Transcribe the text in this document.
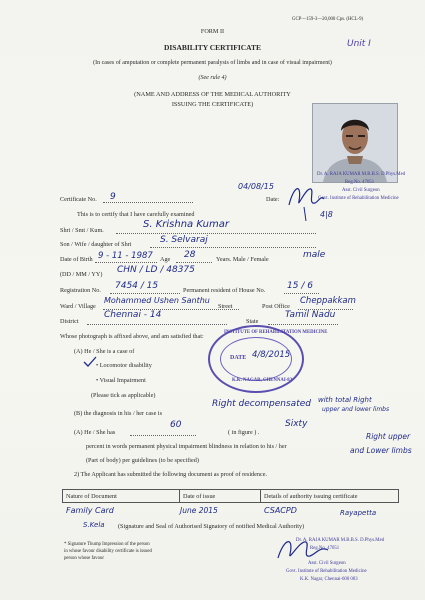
GCP—159-3—20,000 Cps. (HCL-9)
FORM II
DISABILITY CERTIFICATE	Unit I
(In cases of amputation or complete permanent paralysis of limbs and in case of visual impairment)
(See rule 4)
(NAME AND ADDRESS OF THE MEDICAL AUTHORITY
ISSUING THE CERTIFICATE)
Dr. A. RAJA KUMAR M.B.B.S. D.Phys.Med
Reg.No. 47051
Asst. Civil Surgeon
Govt. Institute of Rehabilitation Medicine
4|8
Certificate No. 9
04/08/15
Date:
This is to certify that I have carefully examined
Shri / Smt / Kum.
S. Krishna Kumar
Son / Wife / daughter of Shri	S. Selvaraj
Date of Birth 9 - 11 - 1987 Age 28	Years. Male / Female	male
(DD / MM / YY) CHN / LD / 48375
Registration No. 7454 / 15	Permanent resident of House No. 15 / 6
Ward / Village
Mohammed Ushen Santhu
Street	Post Office
Cheppakkam
District
Chennai - 14
State
Tamil Nadu
Whose photograph is affixed above, and am satisfied that:
(A) He / She is a case of
• Locomotor disability
• Visual Impairment
(Please tick as applicable)
INSTITUTE OF REHABILITATION MEDICINE
DATE 4/8/2015
K.K. NAGAR, CHENNAI-83
(B) the diagnosis in his / her case is
Right decompensated with total Right
upper and lower limbs
(A) He / She has
60
( in figure ) .
Sixty
percent in words permanent physical impairment blindness in relation to his / her
Right upper
and Lower limbs
(Part of body) per guidelines (to be specified)
2) The Applicant has submitted the following document as proof of residence.
Nature of Document	Date of issue	Details of authority issuing certificate
Family Card	June 2015	CSACPD	Rayapetta
S.Kela (Signature and Seal of Authorised Signatory of notified Medical Authority)
* Signature Thump Impression of the person
in whose favour disability certificate is issued
person whose favour
Dr. A. RAJA KUMAR M.B.B.S. D.Phys.Med
Reg.No. 47051
Asst. Civil Surgeon
Govt. Institute of Rehabilitation Medicine
K.K. Nagar, Chennai-600 083
